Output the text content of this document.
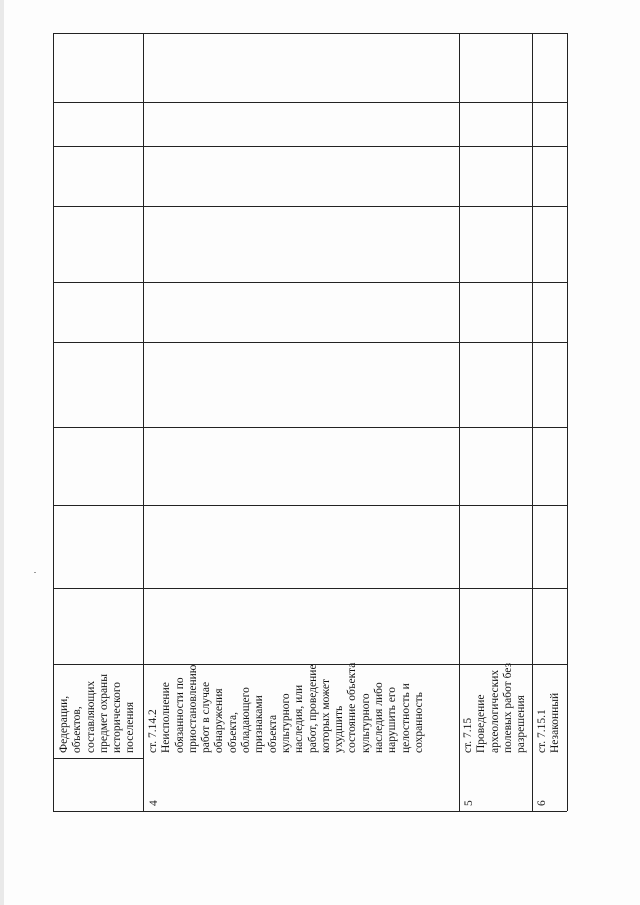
Федерации,
объектов,
составляющих
предмет охраны
исторического
поселения
4
ст. 7.14.2
Неисполнение
обязанности по
приостановлению
работ в случае
обнаружения
объекта,
обладающего
признаками
объекта
культурного
наследия, или
работ, проведение
которых может
ухудшить
состояние объекта
культурного
наследия либо
нарушить его
целостность и
сохранность
5
ст. 7.15
Проведение
археологических
полевых работ без
разрешения
6
ст. 7.15.1
Незаконный
